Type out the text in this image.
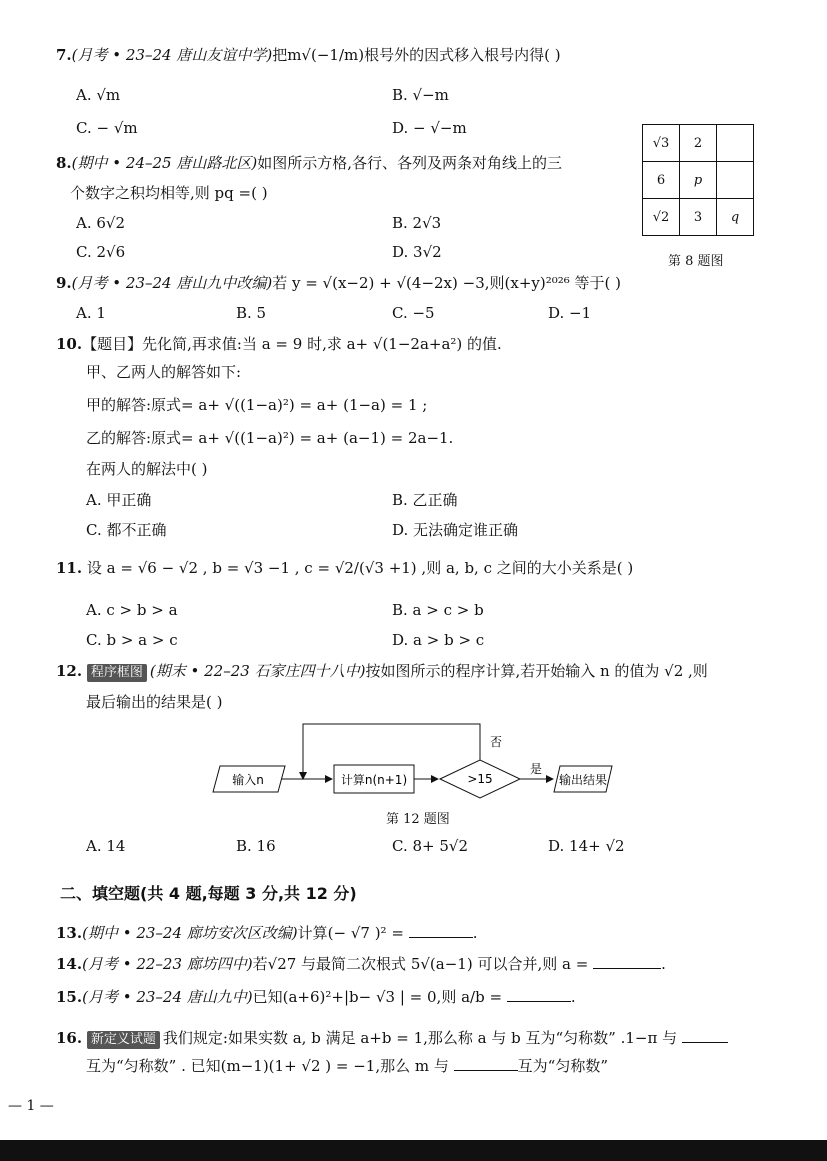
7.(月考 • 23–24 唐山友谊中学)把m√(−1/m)根号外的因式移入根号内得( )
A. √m	B. √−m
C. − √m	D. − √−m
8.(期中 • 24–25 唐山路北区)如图所示方格,各行、各列及两条对角线上的三
个数字之积均相等,则 pq =( )
A. 6√2	B. 2√3
C. 2√6	D. 3√2
√3	2	
6	p	
√2	3	q
第 8 题图
9.(月考 • 23–24 唐山九中改编)若 y = √(x−2) + √(4−2x) −3,则(x+y)²⁰²⁶ 等于( )
A. 1	B. 5	C. −5	D. −1
10.【题目】先化简,再求值:当 a = 9 时,求 a+ √(1−2a+a²) 的值.
甲、乙两人的解答如下:
甲的解答:原式= a+ √((1−a)²) = a+ (1−a) = 1 ;
乙的解答:原式= a+ √((1−a)²) = a+ (a−1) = 2a−1.
在两人的解法中( )
A. 甲正确	B. 乙正确
C. 都不正确	D. 无法确定谁正确
11. 设 a = √6 − √2 , b = √3 −1 , c = √2/(√3 +1) ,则 a, b, c 之间的大小关系是( )
A. c > b > a	B. a > c > b
C. b > a > c	D. a > b > c
12. 程序框图 (期末 • 22–23 石家庄四十八中)按如图所示的程序计算,若开始输入 n 的值为 √2 ,则
最后输出的结果是( )
输入n	计算n(n+1)	>15
是
输出结果
否
第 12 题图
A. 14	B. 16	C. 8+ 5√2	D. 14+ √2
二、填空题(共 4 题,每题 3 分,共 12 分)
13.(期中 • 23–24 廊坊安次区改编)计算(− √7 )² =	.
14.(月考 • 22–23 廊坊四中)若√27 与最简二次根式 5√(a−1) 可以合并,则 a =	.
15.(月考 • 23–24 唐山九中)已知(a+6)²+|b− √3 | = 0,则 a/b =	.
16. 新定义试题 我们规定:如果实数 a, b 满足 a+b = 1,那么称 a 与 b 互为“匀称数” .1−π 与
互为“匀称数” . 已知(m−1)(1+ √2 ) = −1,那么 m 与	互为“匀称数”
— 1 —
